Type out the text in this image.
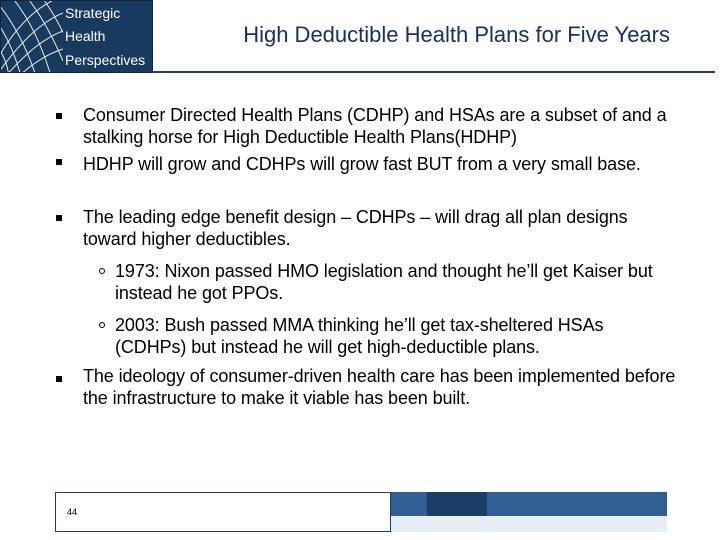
Strategic
Health
Perspectives
High Deductible Health Plans for Five Years
Consumer Directed Health Plans (CDHP) and HSAs are a subset of and a stalking horse for High Deductible Health Plans(HDHP)
HDHP will grow and CDHPs will grow fast BUT from a very small base.
The leading edge benefit design – CDHPs – will drag all plan designs toward higher deductibles.
1973: Nixon passed HMO legislation and thought he’ll get Kaiser but instead he got PPOs.
2003: Bush passed MMA thinking he’ll get tax-sheltered HSAs (CDHPs) but instead he will get high-deductible plans.
The ideology of consumer-driven health care has been implemented before the infrastructure to make it viable has been built.
44
